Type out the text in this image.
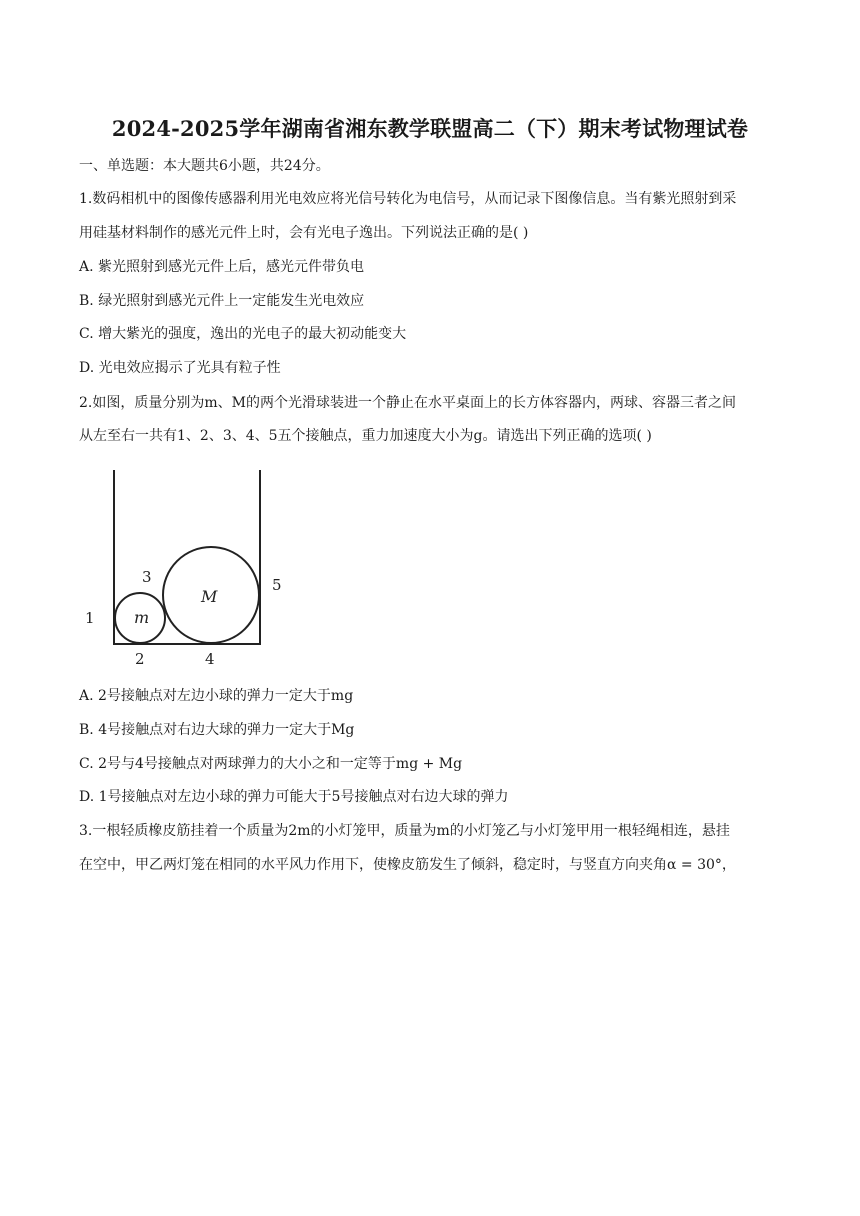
2024-2025学年湖南省湘东教学联盟高二（下）期末考试物理试卷
一、单选题：本大题共6小题，共24分。
1.数码相机中的图像传感器利用光电效应将光信号转化为电信号，从而记录下图像信息。当有紫光照射到采
用硅基材料制作的感光元件上时，会有光电子逸出。下列说法正确的是( )
A. 紫光照射到感光元件上后，感光元件带负电
B. 绿光照射到感光元件上一定能发生光电效应
C. 增大紫光的强度，逸出的光电子的最大初动能变大
D. 光电效应揭示了光具有粒子性
2.如图，质量分别为m、M的两个光滑球装进一个静止在水平桌面上的长方体容器内，两球、容器三者之间
从左至右一共有1、2、3、4、5五个接触点，重力加速度大小为g。请选出下列正确的选项( )
m
M
1
2
3
4
5
A. 2号接触点对左边小球的弹力一定大于mg
B. 4号接触点对右边大球的弹力一定大于Mg
C. 2号与4号接触点对两球弹力的大小之和一定等于mg + Mg
D. 1号接触点对左边小球的弹力可能大于5号接触点对右边大球的弹力
3.一根轻质橡皮筋挂着一个质量为2m的小灯笼甲，质量为m的小灯笼乙与小灯笼甲用一根轻绳相连，悬挂
在空中，甲乙两灯笼在相同的水平风力作用下，使橡皮筋发生了倾斜，稳定时，与竖直方向夹角α = 30°，
